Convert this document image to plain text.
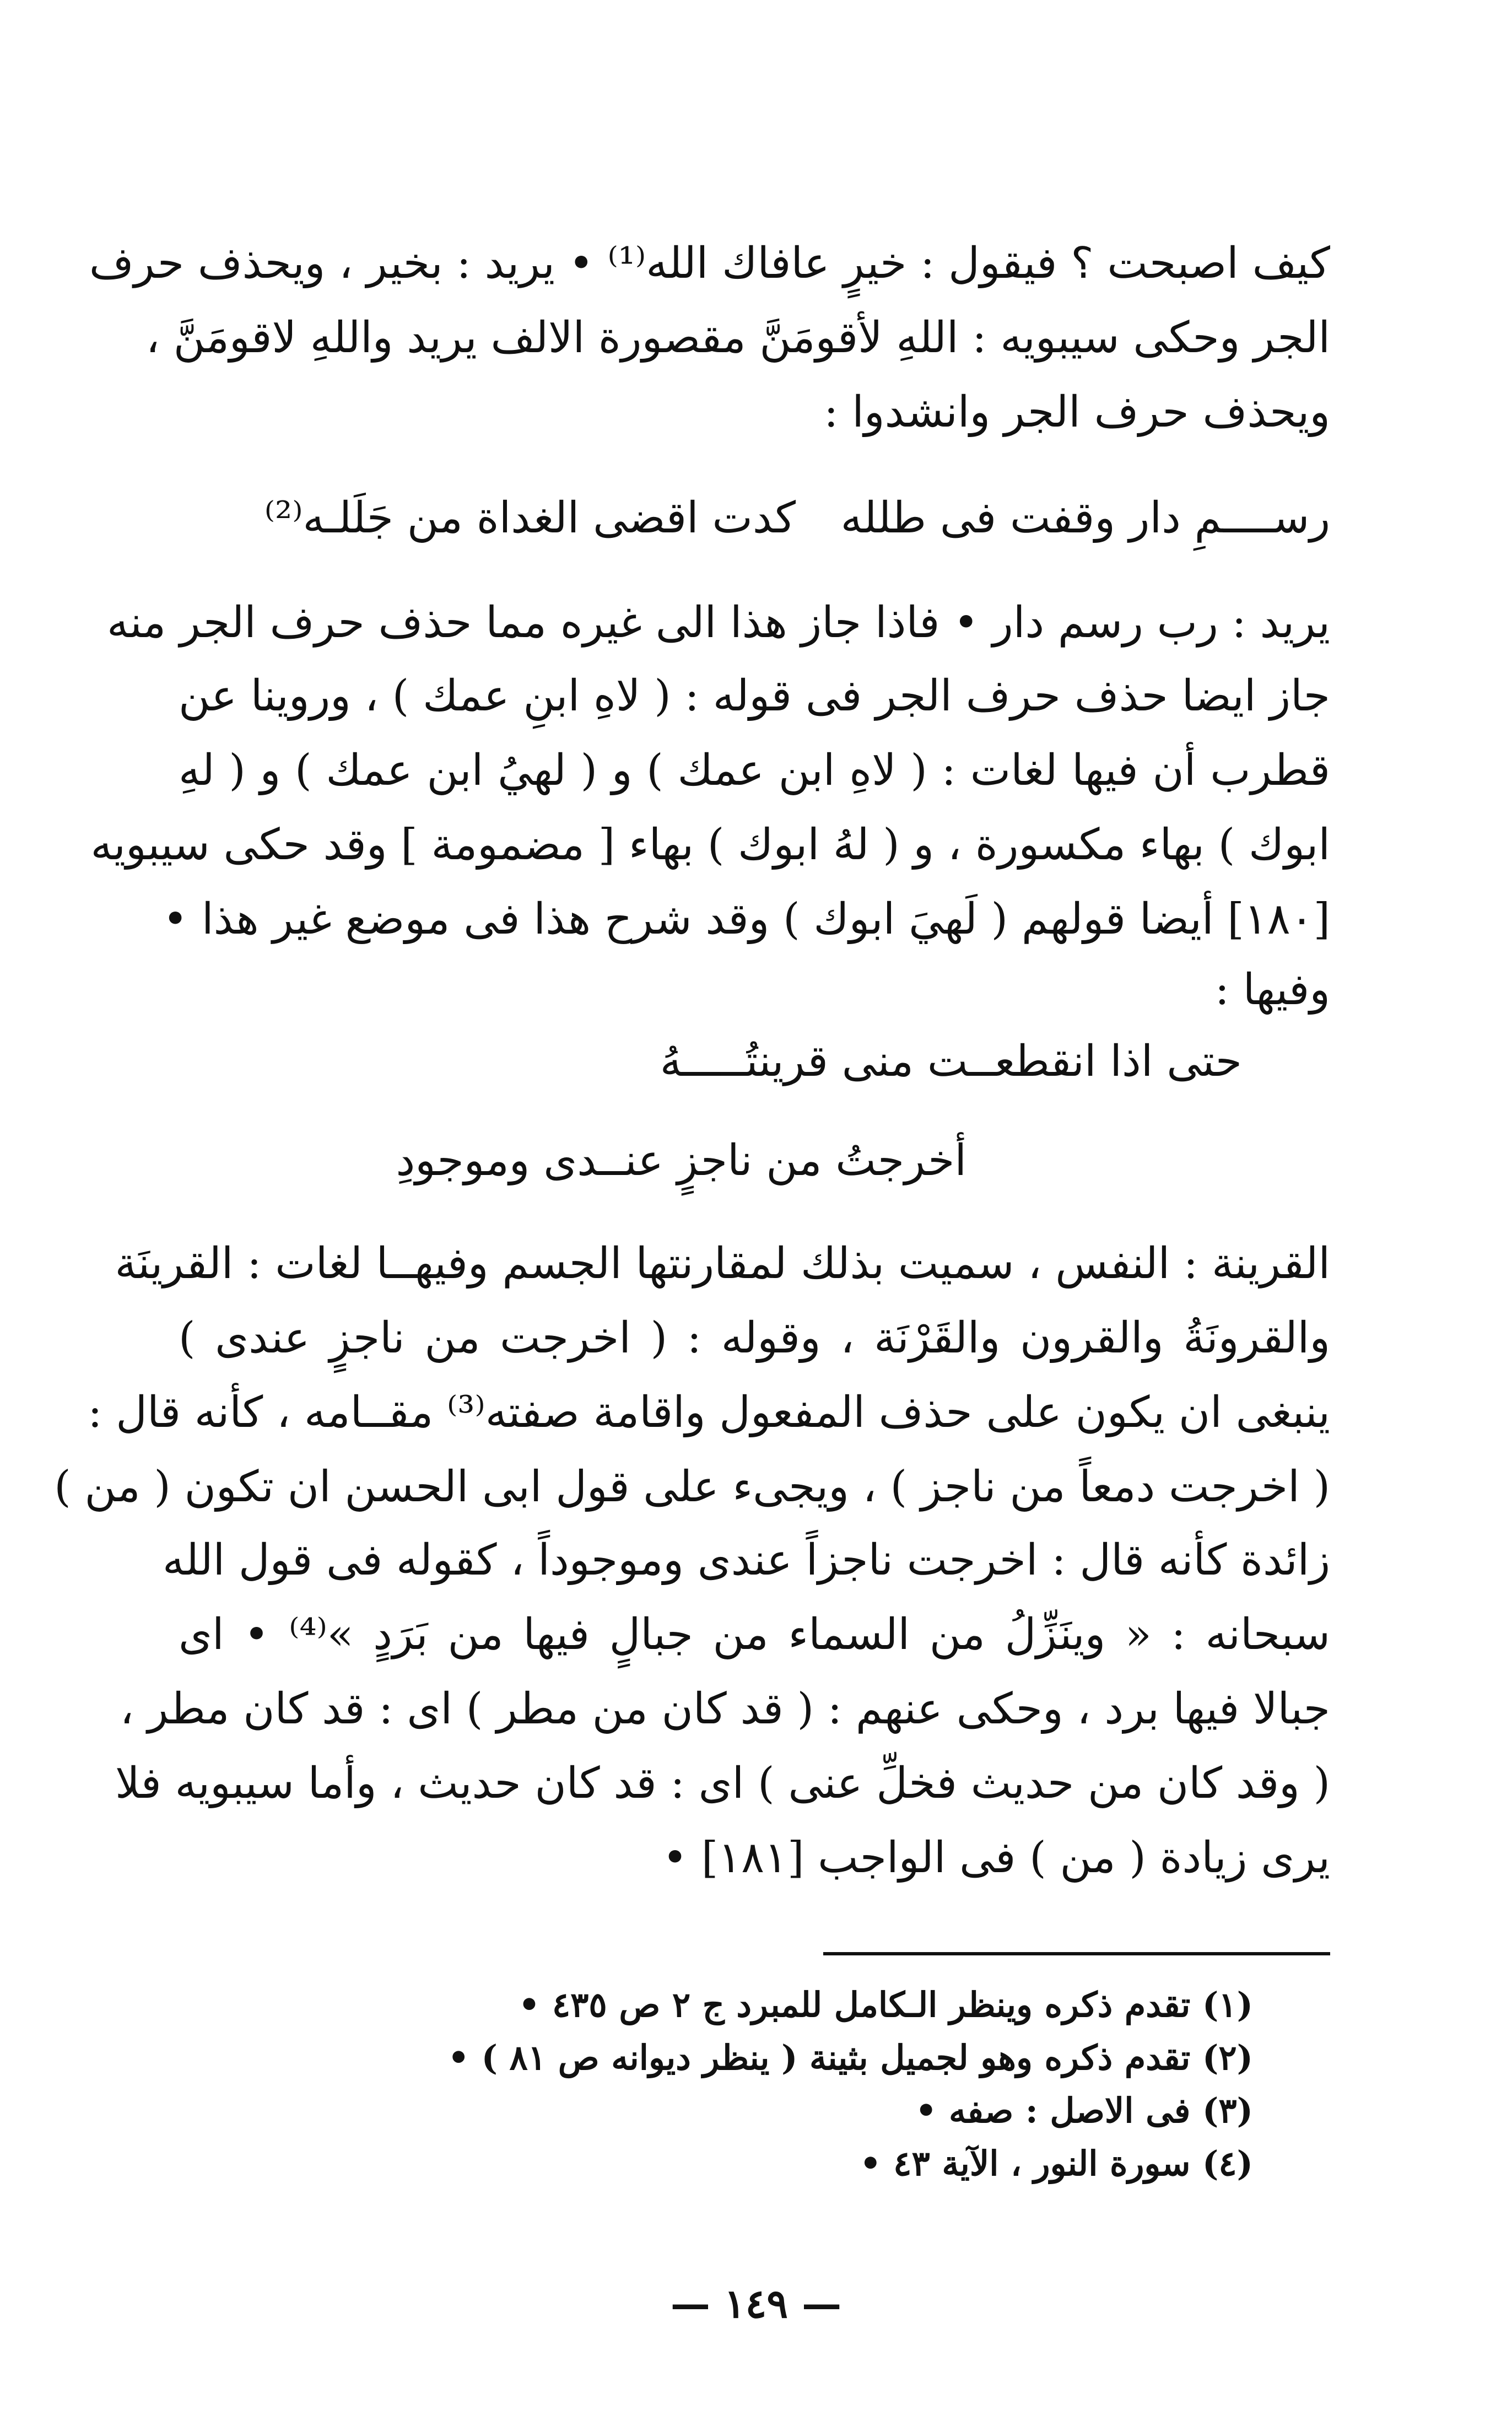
كيف اصبحت ؟ فيقول : خيرٍ عافاك الله⁽¹⁾ • يريد : بخير ، ويحذف حرف
الجر وحكى سيبويه : اللهِ لأقومَنَّ مقصورة الالف يريد واللهِ لاقومَنَّ ،
ويحذف حرف الجر وانشدوا :
رســــمِ دار وقفت فى طلله
كدت اقضى الغداة من جَلَلـه⁽²⁾
يريد : رب رسم دار • فاذا جاز هذا الى غيره مما حذف حرف الجر منه
جاز ايضا حذف حرف الجر فى قوله : ( لاهِ ابنِ عمك ) ، وروينا عن
قطرب أن فيها لغات : ( لاهِ ابن عمك ) و ( لهيُ ابن عمك ) و ( لهِ
ابوك ) بهاء مكسورة ، و ( لهُ ابوك ) بهاء [ مضمومة ] وقد حكى سيبويه
[١٨٠] أيضا قولهم ( لَهيَ ابوك ) وقد شرح هذا فى موضع غير هذا •
وفيها :
حتى اذا انقطعــت منى قرينتُـــــهُ
أخرجتُ من ناجزٍ عنــدى وموجودِ
القرينة : النفس ، سميت بذلك لمقارنتها الجسم وفيهــا لغات : القرينَة
والقرونَةُ والقرون والقَرْنَة ، وقوله : ( اخرجت من ناجزٍ عندى )
ينبغى ان يكون على حذف المفعول واقامة صفته⁽³⁾ مقــامه ، كأنه قال :
( اخرجت دمعاً من ناجز ) ، ويجىء على قول ابى الحسن ان تكون ( من )
زائدة كأنه قال : اخرجت ناجزاً عندى وموجوداً ، كقوله فى قول الله
سبحانه : « وينَزِّلُ من السماء من جبالٍ فيها من بَرَدٍ »⁽⁴⁾ • اى
جبالا فيها برد ، وحكى عنهم : ( قد كان من مطر ) اى : قد كان مطر ،
( وقد كان من حديث فخلِّ عنى ) اى : قد كان حديث ، وأما سيبويه فلا
يرى زيادة ( من ) فى الواجب [١٨١] •
(١) تقدم ذكره وينظر الـكامل للمبرد ج ٢ ص ٤٣٥ •
(٢) تقدم ذكره وهو لجميل بثينة ( ينظر ديوانه ص ٨١ ) •
(٣) فى الاصل : صفه •
(٤) سورة النور ، الآية ٤٣ •
— ١٤٩ —
